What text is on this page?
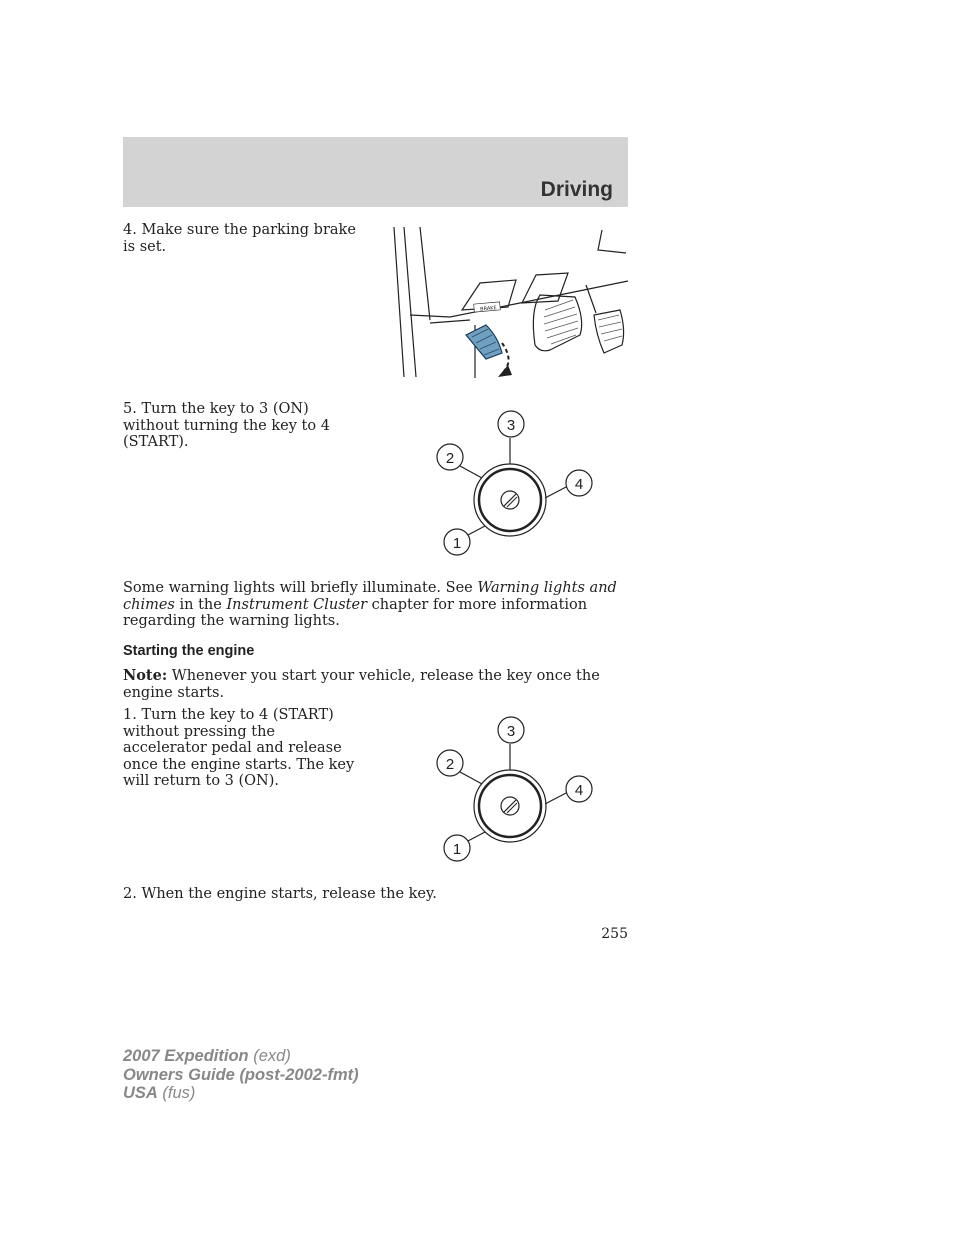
Driving

4. Make sure the parking brake is set.

BRAKE

5. Turn the key to 3 (ON) without turning the key to 4 (START).

3
2
4
1

Some warning lights will briefly illuminate. See Warning lights and chimes in the Instrument Cluster chapter for more information regarding the warning lights.

Starting the engine

Note: Whenever you start your vehicle, release the key once the engine starts.

1. Turn the key to 4 (START) without pressing the accelerator pedal and release once the engine starts. The key will return to 3 (ON).

3
2
4
1

2. When the engine starts, release the key.

255
2007 Expedition (exd)
Owners Guide (post-2002-fmt)
USA (fus)
